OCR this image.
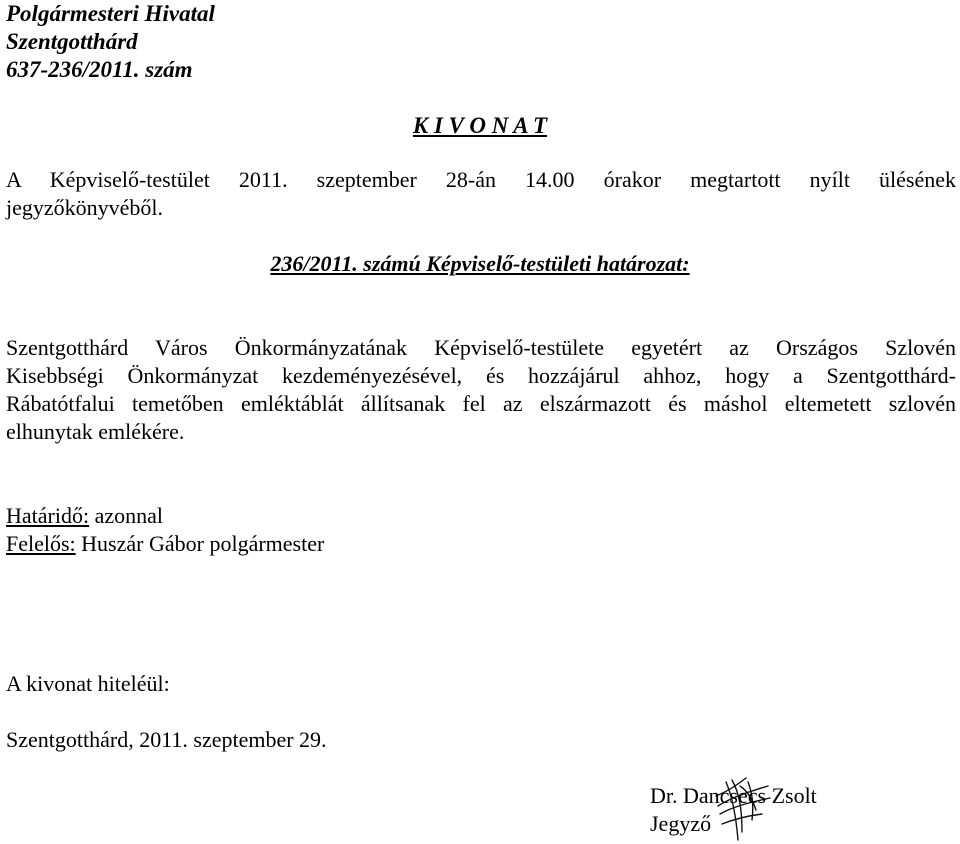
Polgármesteri Hivatal
Szentgotthárd
637-236/2011. szám
K I V O N A T
A Képviselő-testület 2011. szeptember 28-án 14.00 órakor megtartott nyílt ülésének
jegyzőkönyvéből.
236/2011. számú Képviselő-testületi határozat:
Szentgotthárd Város Önkormányzatának Képviselő-testülete egyetért az Országos Szlovén
Kisebbségi Önkormányzat kezdeményezésével, és hozzájárul ahhoz, hogy a Szentgotthárd-
Rábatótfalui temetőben emléktáblát állítsanak fel az elszármazott és máshol eltemetett szlovén
elhunytak emlékére.
Határidő: azonnal
Felelős: Huszár Gábor polgármester
A kivonat hiteléül:
Szentgotthárd, 2011. szeptember 29.
Dr. Dancsecs Zsolt
Jegyző
